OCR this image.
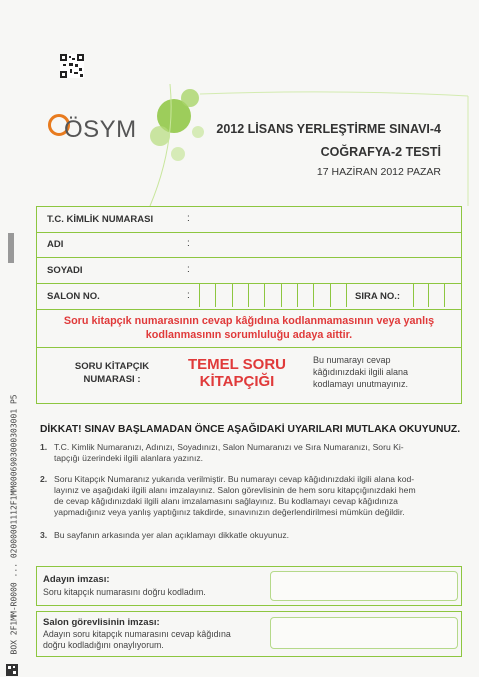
ÖSYM	2012 LİSANS YERLEŞTİRME SINAVI-4
COĞRAFYA-2 TESTİ
17 HAZİRAN 2012 PAZAR
T.C. KİMLİK NUMARASI	:
ADI	:
SOYADI	:
SALON NO.	:	SIRA NO.:
Soru kitapçık numarasının cevap kâğıdına kodlanmamasının veya yanlış
kodlanmasının sorumluluğu adaya aittir.
SORU KİTAPÇIK
NUMARASI :
TEMEL SORU
KİTAPÇIĞI
Bu numarayı cevap
kâğıdınızdaki ilgili alana
kodlamayı unutmayınız.
DİKKAT! SINAV BAŞLAMADAN ÖNCE AŞAĞIDAKİ UYARILARI MUTLAKA OKUYUNUZ.
1. T.C. Kimlik Numaranızı, Adınızı, Soyadınızı, Salon Numaranızı ve Sıra Numaranızı, Soru Ki-
tapçığı üzerindeki ilgili alanlara yazınız.
2. Soru Kitapçık Numaranız yukarıda verilmiştir. Bu numarayı cevap kâğıdınızdaki ilgili alana kod-
layınız ve aşağıdaki ilgili alanı imzalayınız. Salon görevlisinin de hem soru kitapçığınızdaki hem
de cevap kâğıdınızdaki ilgili alanı imzalamasını sağlayınız. Bu kodlamayı cevap kâğıdınıza
yapmadığınız veya yanlış yaptığınız takdirde, sınavınızın değerlendirilmesi mümkün değildir.
3. Bu sayfanın arkasında yer alan açıklamayı dikkatle okuyunuz.
Adayın imzası:
Soru kitapçık numarasını doğru kodladım.
Salon görevlisinin imzası:
Adayın soru kitapçık numarasını cevap kâğıdına
doğru kodladığını onaylıyorum.
BOX 2F1MM-R0000 ... 02000001112F1MM0006903000303001 P5
